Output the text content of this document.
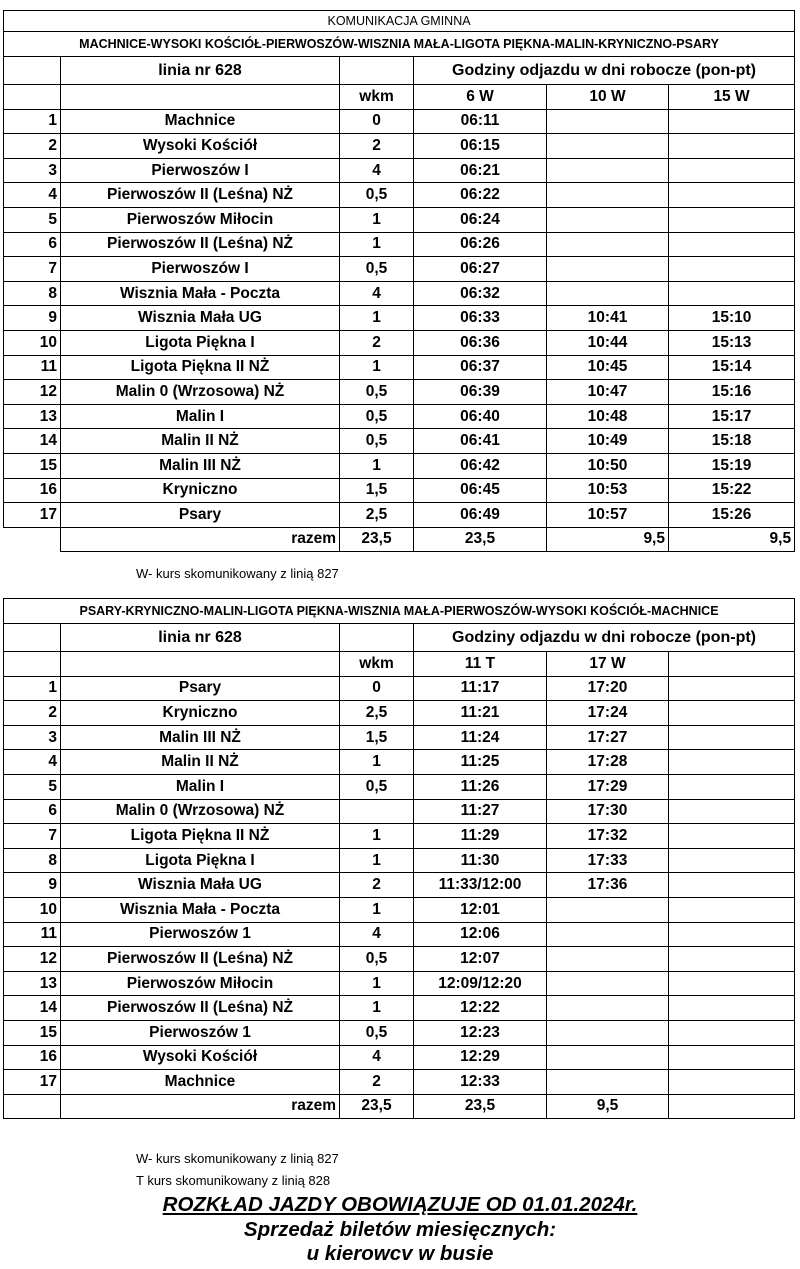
KOMUNIKACJA GMINNA					
MACHNICE-WYSOKI KOŚCIÓŁ-PIERWOSZÓW-WISZNIA MAŁA-LIGOTA PIĘKNA-MALIN-KRYNICZNO-PSARY					
	linia nr 628		Godziny odjazdu w dni robocze (pon-pt)		
		wkm	6 W	10 W	15 W
1	Machnice	0	06:11		
2	Wysoki Kościół	2	06:15		
3	Pierwoszów I	4	06:21		
4	Pierwoszów II (Leśna) NŻ	0,5	06:22		
5	Pierwoszów Miłocin	1	06:24		
6	Pierwoszów II (Leśna) NŻ	1	06:26		
7	Pierwoszów I	0,5	06:27		
8	Wisznia Mała - Poczta	4	06:32		
9	Wisznia Mała UG	1	06:33	10:41	15:10
10	Ligota Piękna I	2	06:36	10:44	15:13
11	Ligota Piękna II NŻ	1	06:37	10:45	15:14
12	Malin 0 (Wrzosowa) NŻ	0,5	06:39	10:47	15:16
13	Malin I	0,5	06:40	10:48	15:17
14	Malin II NŻ	0,5	06:41	10:49	15:18
15	Malin III NŻ	1	06:42	10:50	15:19
16	Kryniczno	1,5	06:45	10:53	15:22
17	Psary	2,5	06:49	10:57	15:26
	razem	23,5	23,5	9,5	9,5
W- kurs skomunikowany z linią 827
PSARY-KRYNICZNO-MALIN-LIGOTA PIĘKNA-WISZNIA MAŁA-PIERWOSZÓW-WYSOKI KOŚCIÓŁ-MACHNICE					
	linia nr 628		Godziny odjazdu w dni robocze (pon-pt)		
		wkm	11 T	17 W	
1	Psary	0	11:17	17:20	
2	Kryniczno	2,5	11:21	17:24	
3	Malin III NŻ	1,5	11:24	17:27	
4	Malin II NŻ	1	11:25	17:28	
5	Malin I	0,5	11:26	17:29	
6	Malin 0 (Wrzosowa) NŻ		11:27	17:30	
7	Ligota Piękna II NŻ	1	11:29	17:32	
8	Ligota Piękna I	1	11:30	17:33	
9	Wisznia Mała UG	2	11:33/12:00	17:36	
10	Wisznia Mała - Poczta	1	12:01		
11	Pierwoszów 1	4	12:06		
12	Pierwoszów II (Leśna) NŻ	0,5	12:07		
13	Pierwoszów Miłocin	1	12:09/12:20		
14	Pierwoszów II (Leśna) NŻ	1	12:22		
15	Pierwoszów 1	0,5	12:23		
16	Wysoki Kościół	4	12:29		
17	Machnice	2	12:33		
	razem	23,5	23,5	9,5	
W- kurs skomunikowany z linią 827
T kurs skomunikowany z linią 828
ROZKŁAD JAZDY OBOWIĄZUJE OD 01.01.2024r.
Sprzedaż biletów miesięcznych:
u kierowcv w busie
